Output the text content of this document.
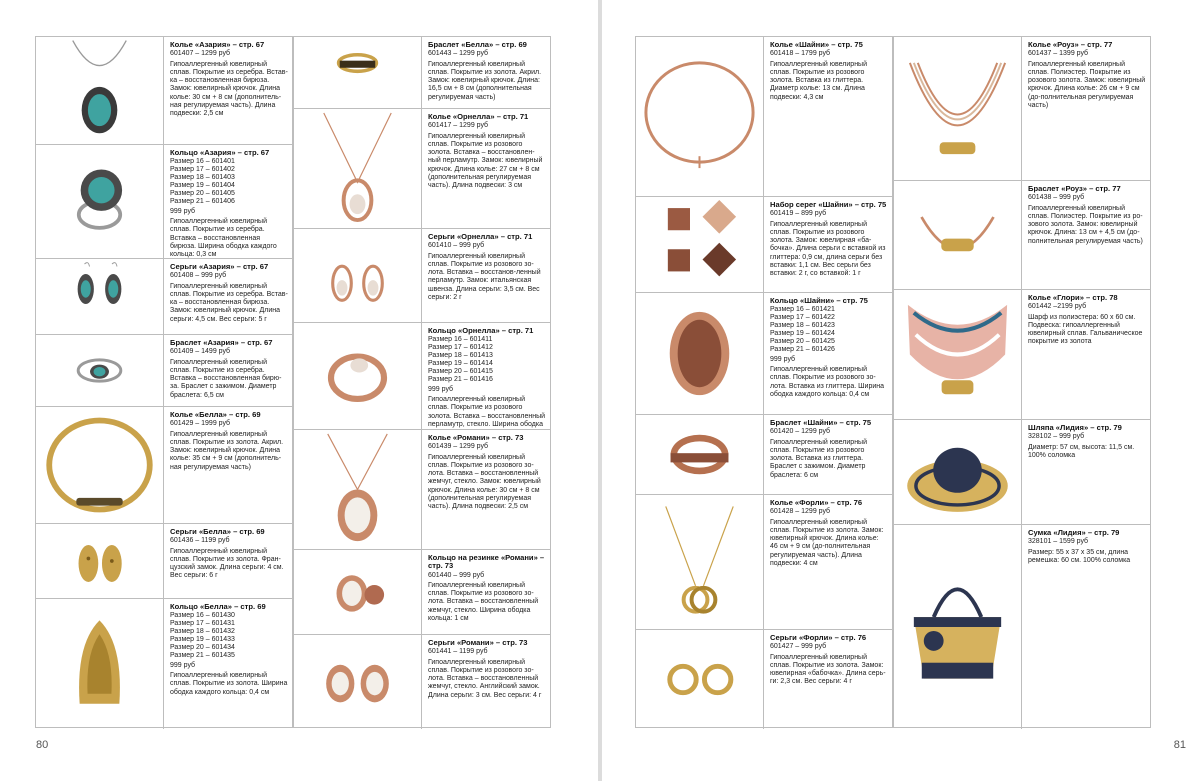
Колье «Азария» – стр. 67
601407 – 1299 руб
Гипоаллергенный ювелирный сплав. Покрытие из серебра. Встав-ка – восстановленная бирюза. Замок: ювелирный крючок. Длина колье: 30 см + 8 см (дополнитель-ная регулируемая часть). Длина подвески: 2,5 см
Кольцо «Азария» – стр. 67
Размер 16 – 601401
Размер 17 – 601402
Размер 18 – 601403
Размер 19 – 601404
Размер 20 – 601405
Размер 21 – 601406
999 руб
Гипоаллергенный ювелирный сплав. Покрытие из серебра. Вставка – восстановленная бирюза. Ширина ободка каждого кольца: 0,3 см
Серьги «Азария» – стр. 67
601408 – 999 руб
Гипоаллергенный ювелирный сплав. Покрытие из серебра. Встав-ка – восстановленная бирюза. Замок: ювелирный крючок. Длина серьги: 4,5 см. Вес серьги: 5 г
Браслет «Азария» – стр. 67
601409 – 1499 руб
Гипоаллергенный ювелирный сплав. Покрытие из серебра. Вставка – восстановленная бирю-за. Браслет с зажимом. Диаметр браслета: 6,5 см
Колье «Белла» – стр. 69
601429 – 1999 руб
Гипоаллергенный ювелирный сплав. Покрытие из золота. Акрил. Замок: ювелирный крючок. Длина колье: 35 см + 9 см (дополнитель-ная регулируемая часть)
Серьги «Белла» – стр. 69
601436 – 1199 руб
Гипоаллергенный ювелирный сплав. Покрытие из золота. Фран-цузский замок. Длина серьги: 4 см. Вес серьги: 6 г
Кольцо «Белла» – стр. 69
Размер 16 – 601430
Размер 17 – 601431
Размер 18 – 601432
Размер 19 – 601433
Размер 20 – 601434
Размер 21 – 601435
999 руб
Гипоаллергенный ювелирный сплав. Покрытие из золота. Ширина ободка каждого кольца: 0,4 см
Браслет «Белла» – стр. 69
601443 – 1299 руб
Гипоаллергенный ювелирный сплав. Покрытие из золота. Акрил. Замок: ювелирный крючок. Длина: 16,5 см + 8 см (дополнительная регулируемая часть)
Колье «Орнелла» – стр. 71
601417 – 1299 руб
Гипоаллергенный ювелирный сплав. Покрытие из розового золота. Вставка – восстановлен-ный перламутр. Замок: ювелирный крючок. Длина колье: 27 см + 8 см (дополнительная регулируемая часть). Длина подвески: 3 см
Серьги «Орнелла» – стр. 71
601410 – 999 руб
Гипоаллергенный ювелирный сплав. Покрытие из розового зо-лота. Вставка – восстанов-ленный перламутр. Замок: итальянская швенза. Длина серьги: 3,5 см. Вес серьги: 2 г
Кольцо «Орнелла» – стр. 71
Размер 16 – 601411
Размер 17 – 601412
Размер 18 – 601413
Размер 19 – 601414
Размер 20 – 601415
Размер 21 – 601416
999 руб
Гипоаллергенный ювелирный сплав. Покрытие из розового золота. Вставка – восстановленный перламутр, стекло. Ширина ободка
Колье «Романи» – стр. 73
601439 – 1299 руб
Гипоаллергенный ювелирный сплав. Покрытие из розового зо-лота. Вставка – восстановленный жемчуг, стекло. Замок: ювелирный крючок. Длина колье: 30 см + 8 см (дополнительная регулируемая часть). Длина подвески: 2,5 см
Кольцо на резинке «Романи» – стр. 73
601440 – 999 руб
Гипоаллергенный ювелирный сплав. Покрытие из розового зо-лота. Вставка – восстановленный жемчуг, стекло. Ширина ободка кольца: 1 см
Серьги «Романи» – стр. 73
601441 – 1199 руб
Гипоаллергенный ювелирный сплав. Покрытие из розового зо-лота. Вставка – восстановленный жемчуг, стекло. Английский замок. Длина серьги: 3 см. Вес серьги: 4 г
80
Колье «Шайни» – стр. 75
601418 – 1799 руб
Гипоаллергенный ювелирный сплав. Покрытие из розового золота. Вставка из глиттера. Диаметр колье: 13 см. Длина подвески: 4,3 см
Набор серег «Шайни» – стр. 75
601419 – 899 руб
Гипоаллергенный ювелирный сплав. Покрытие из розового золота. Замок: ювелирная «ба-бочка». Длина серьги с вставкой из глиттера: 0,9 см, длина серьги без вставки: 1,1 см. Вес серьги без вставки: 2 г, со вставкой: 1 г
Кольцо «Шайни» – стр. 75
Размер 16 – 601421
Размер 17 – 601422
Размер 18 – 601423
Размер 19 – 601424
Размер 20 – 601425
Размер 21 – 601426
999 руб
Гипоаллергенный ювелирный сплав. Покрытие из розового зо-лота. Вставка из глиттера. Ширина ободка каждого кольца: 0,4 см
Браслет «Шайни» – стр. 75
601420 – 1299 руб
Гипоаллергенный ювелирный сплав. Покрытие из розового золота. Вставка из глиттера. Браслет с зажимом. Диаметр браслета: 6 см
Колье «Форли» – стр. 76
601428 – 1299 руб
Гипоаллергенный ювелирный сплав. Покрытие из золота. Замок: ювелирный крючок. Длина колье: 46 см + 9 см (до-полнительная регулируемая часть). Длина подвески: 4 см
Серьги «Форли» – стр. 76
601427 – 999 руб
Гипоаллергенный ювелирный сплав. Покрытие из золота. Замок: ювелирная «бабочка». Длина серь-ги: 2,3 см. Вес серьги: 4 г
Колье «Роуз» – стр. 77
601437 – 1399 руб
Гипоаллергенный ювелирный сплав. Полиэстер. Покрытие из розового золота. Замок: ювелирный крючок. Длина колье: 26 см + 9 см (до-полнительная регулируемая часть)
Браслет «Роуз» – стр. 77
601438 – 999 руб
Гипоаллергенный ювелирный сплав. Полиэстер. Покрытие из ро-зового золота. Замок: ювелирный крючок. Длина: 13 см + 4,5 см (до-полнительная регулируемая часть)
Колье «Глори» – стр. 78
601442 –2199 руб
Шарф из полиэстера: 60 х 60 см. Подвеска: гипоаллергенный ювелирный сплав. Гальваническое покрытие из золота
Шляпа «Лидия» – стр. 79
328102 – 999 руб
Диаметр: 57 см, высота: 11,5 см. 100% соломка
Сумка «Лидия» – стр. 79
328101 – 1599 руб
Размер: 55 х 37 х 35 см, длина ремешка: 60 см. 100% соломка
81
